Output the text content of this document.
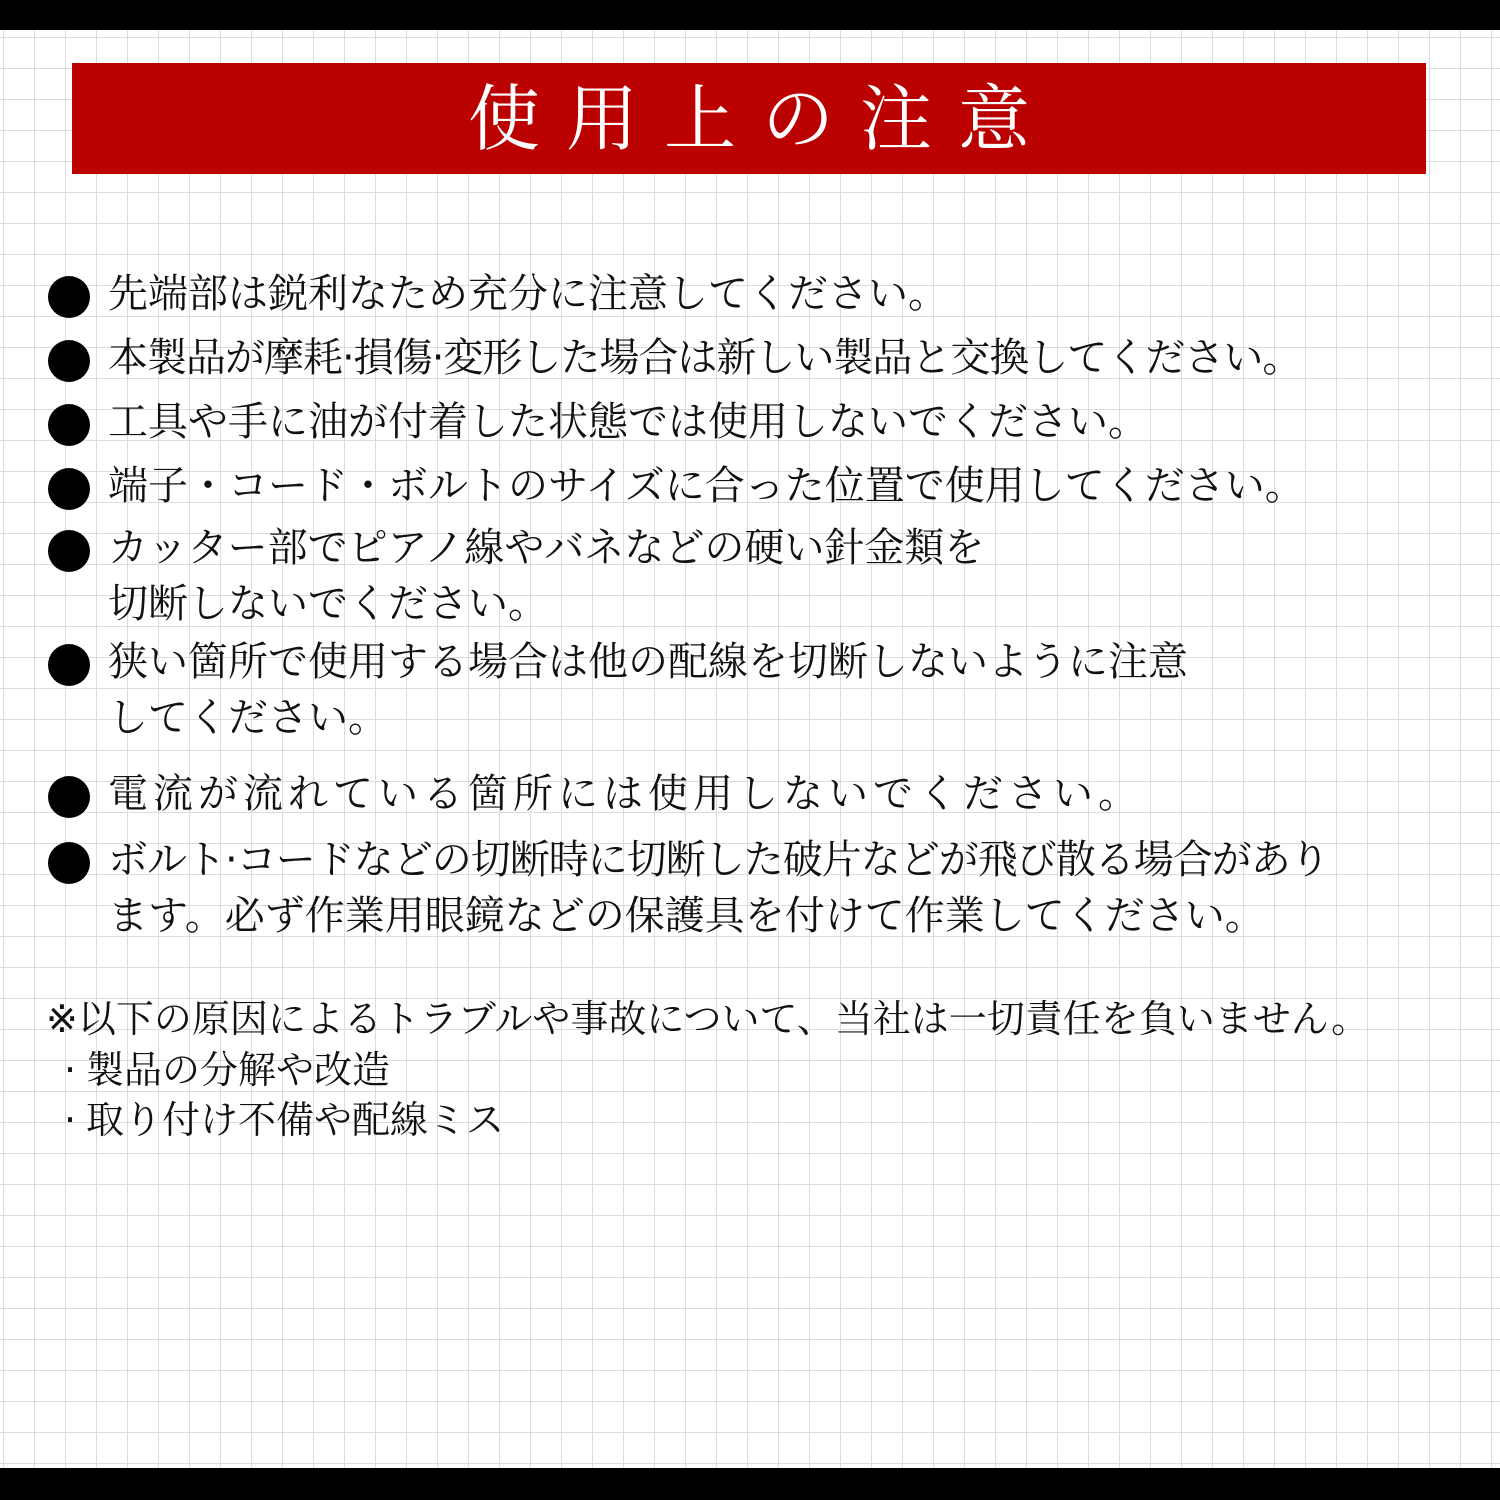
使用上の注意

先端部は鋭利なため充分に注意してください。

本製品が摩耗·損傷·変形した場合は新しい製品と交換してください。

工具や手に油が付着した状態では使用しないでください。

端子・コード・ボルトのサイズに合った位置で使用してください。

カッター部でピアノ線やバネなどの硬い針金類を

切断しないでください。

狭い箇所で使用する場合は他の配線を切断しないように注意

してください。

電流が流れている箇所には使用しないでください。

ボルト·コードなどの切断時に切断した破片などが飛び散る場合があり

ます。必ず作業用眼鏡などの保護具を付けて作業してください。

※以下の原因によるトラブルや事故について、当社は一切責任を負いません。

· 製品の分解や改造
· 取り付け不備や配線ミス
